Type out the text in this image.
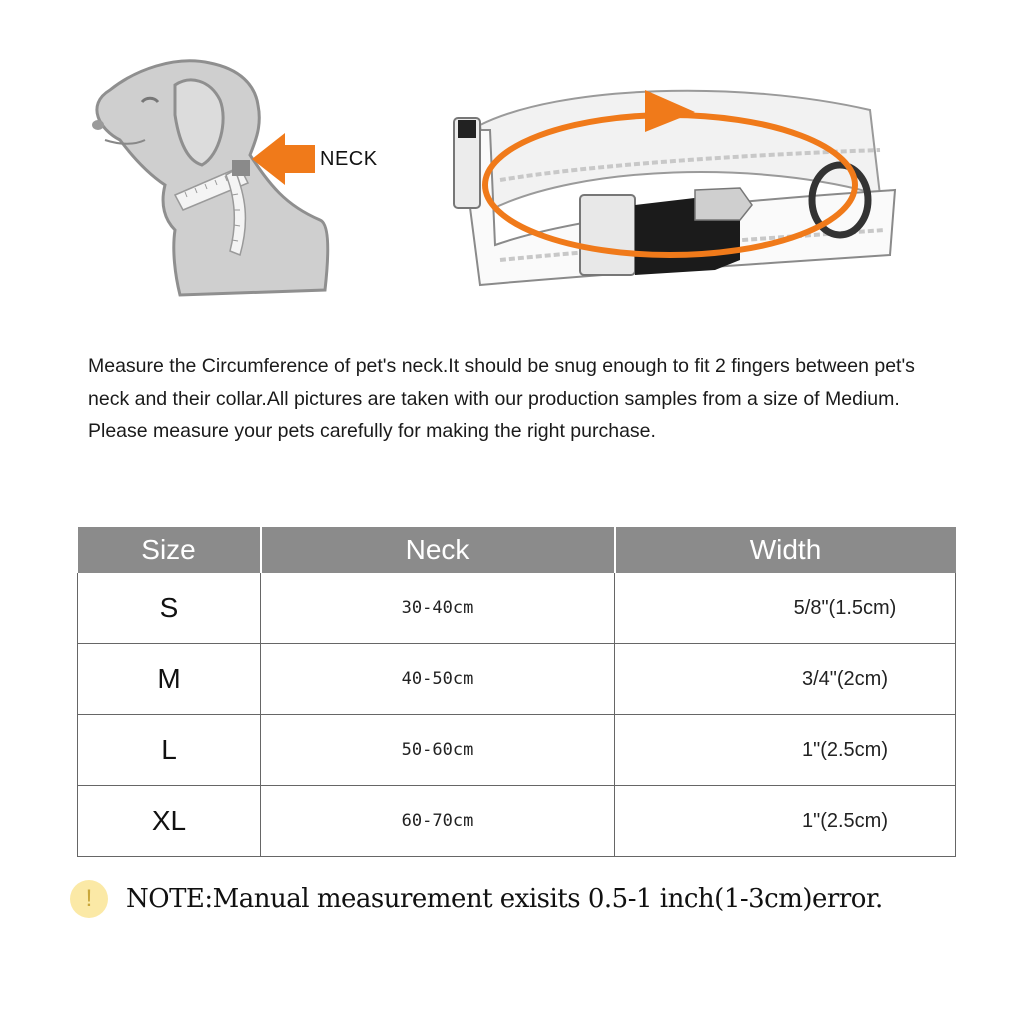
NECK
Measure the Circumference of pet's neck.It should be snug enough to fit 2 fingers between pet's neck and their collar.All pictures are taken with our production samples from a size of Medium. Please measure your pets carefully for making the right purchase.
Size	Neck	Width
S	30-40cm	5/8"(1.5cm)
M	40-50cm	3/4"(2cm)
L	50-60cm	1"(2.5cm)
XL	60-70cm	1"(2.5cm)
!	NOTE:Manual measurement exisits 0.5-1 inch(1-3cm)error.
